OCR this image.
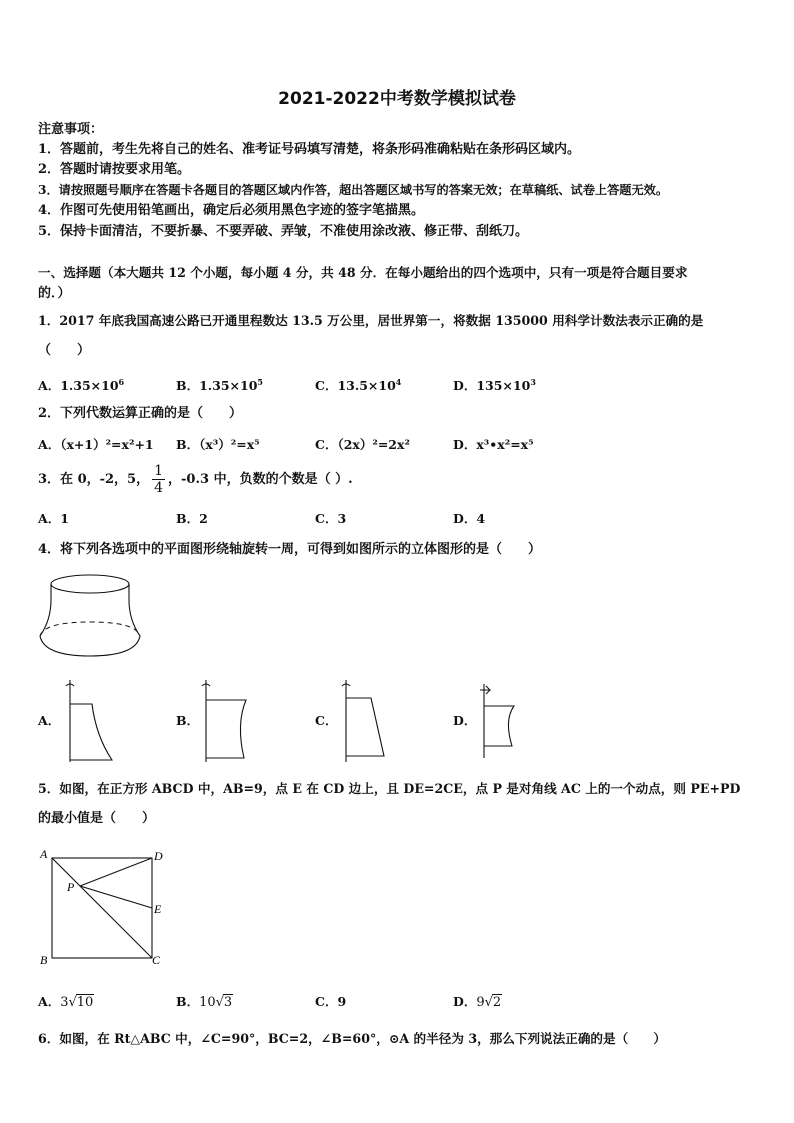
2021-2022中考数学模拟试卷
注意事项：
1．答题前，考生先将自己的姓名、准考证号码填写清楚，将条形码准确粘贴在条形码区域内。
2．答题时请按要求用笔。
3．请按照题号顺序在答题卡各题目的答题区域内作答，超出答题区域书写的答案无效；在草稿纸、试卷上答题无效。
4．作图可先使用铅笔画出，确定后必须用黑色字迹的签字笔描黑。
5．保持卡面清洁，不要折暴、不要弄破、弄皱，不准使用涂改液、修正带、刮纸刀。
一、选择题（本大题共 12 个小题，每小题 4 分，共 48 分．在每小题给出的四个选项中，只有一项是符合题目要求
的．）
1．2017 年底我国高速公路已开通里程数达 13.5 万公里，居世界第一，将数据 135000 用科学计数法表示正确的是
（　　）
A．$1.35\times 10^6$	B．$1.35\times 10^5$	C．$13.5\times 10^4$	D．$135\times 10^3$
2．下列代数运算正确的是（　　）
A．（x+1）²=x²+1 B．（x³）²=x⁵	C．（2x）²=2x²	D．x³•x²=x⁵
3．在 0，-2，5， $\frac{1}{4}$ ，-0.3 中，负数的个数是（ ）.
A．1	B．2	C．3	D．4
4．将下列各选项中的平面图形绕轴旋转一周，可得到如图所示的立体图形的是（　　）
A．	B．	C．	D．
5．如图，在正方形 ABCD 中，AB=9，点 E 在 CD 边上，且 DE=2CE，点 P 是对角线 AC 上的一个动点，则 PE+PD
的最小值是（　　）
A	D
B	C
E
P
A．3√10	B．10√3	C．9	D．9√2
6．如图，在 Rt△ABC 中，∠C=90°，BC=2，∠B=60°，⊙A 的半径为 3，那么下列说法正确的是（　　）
